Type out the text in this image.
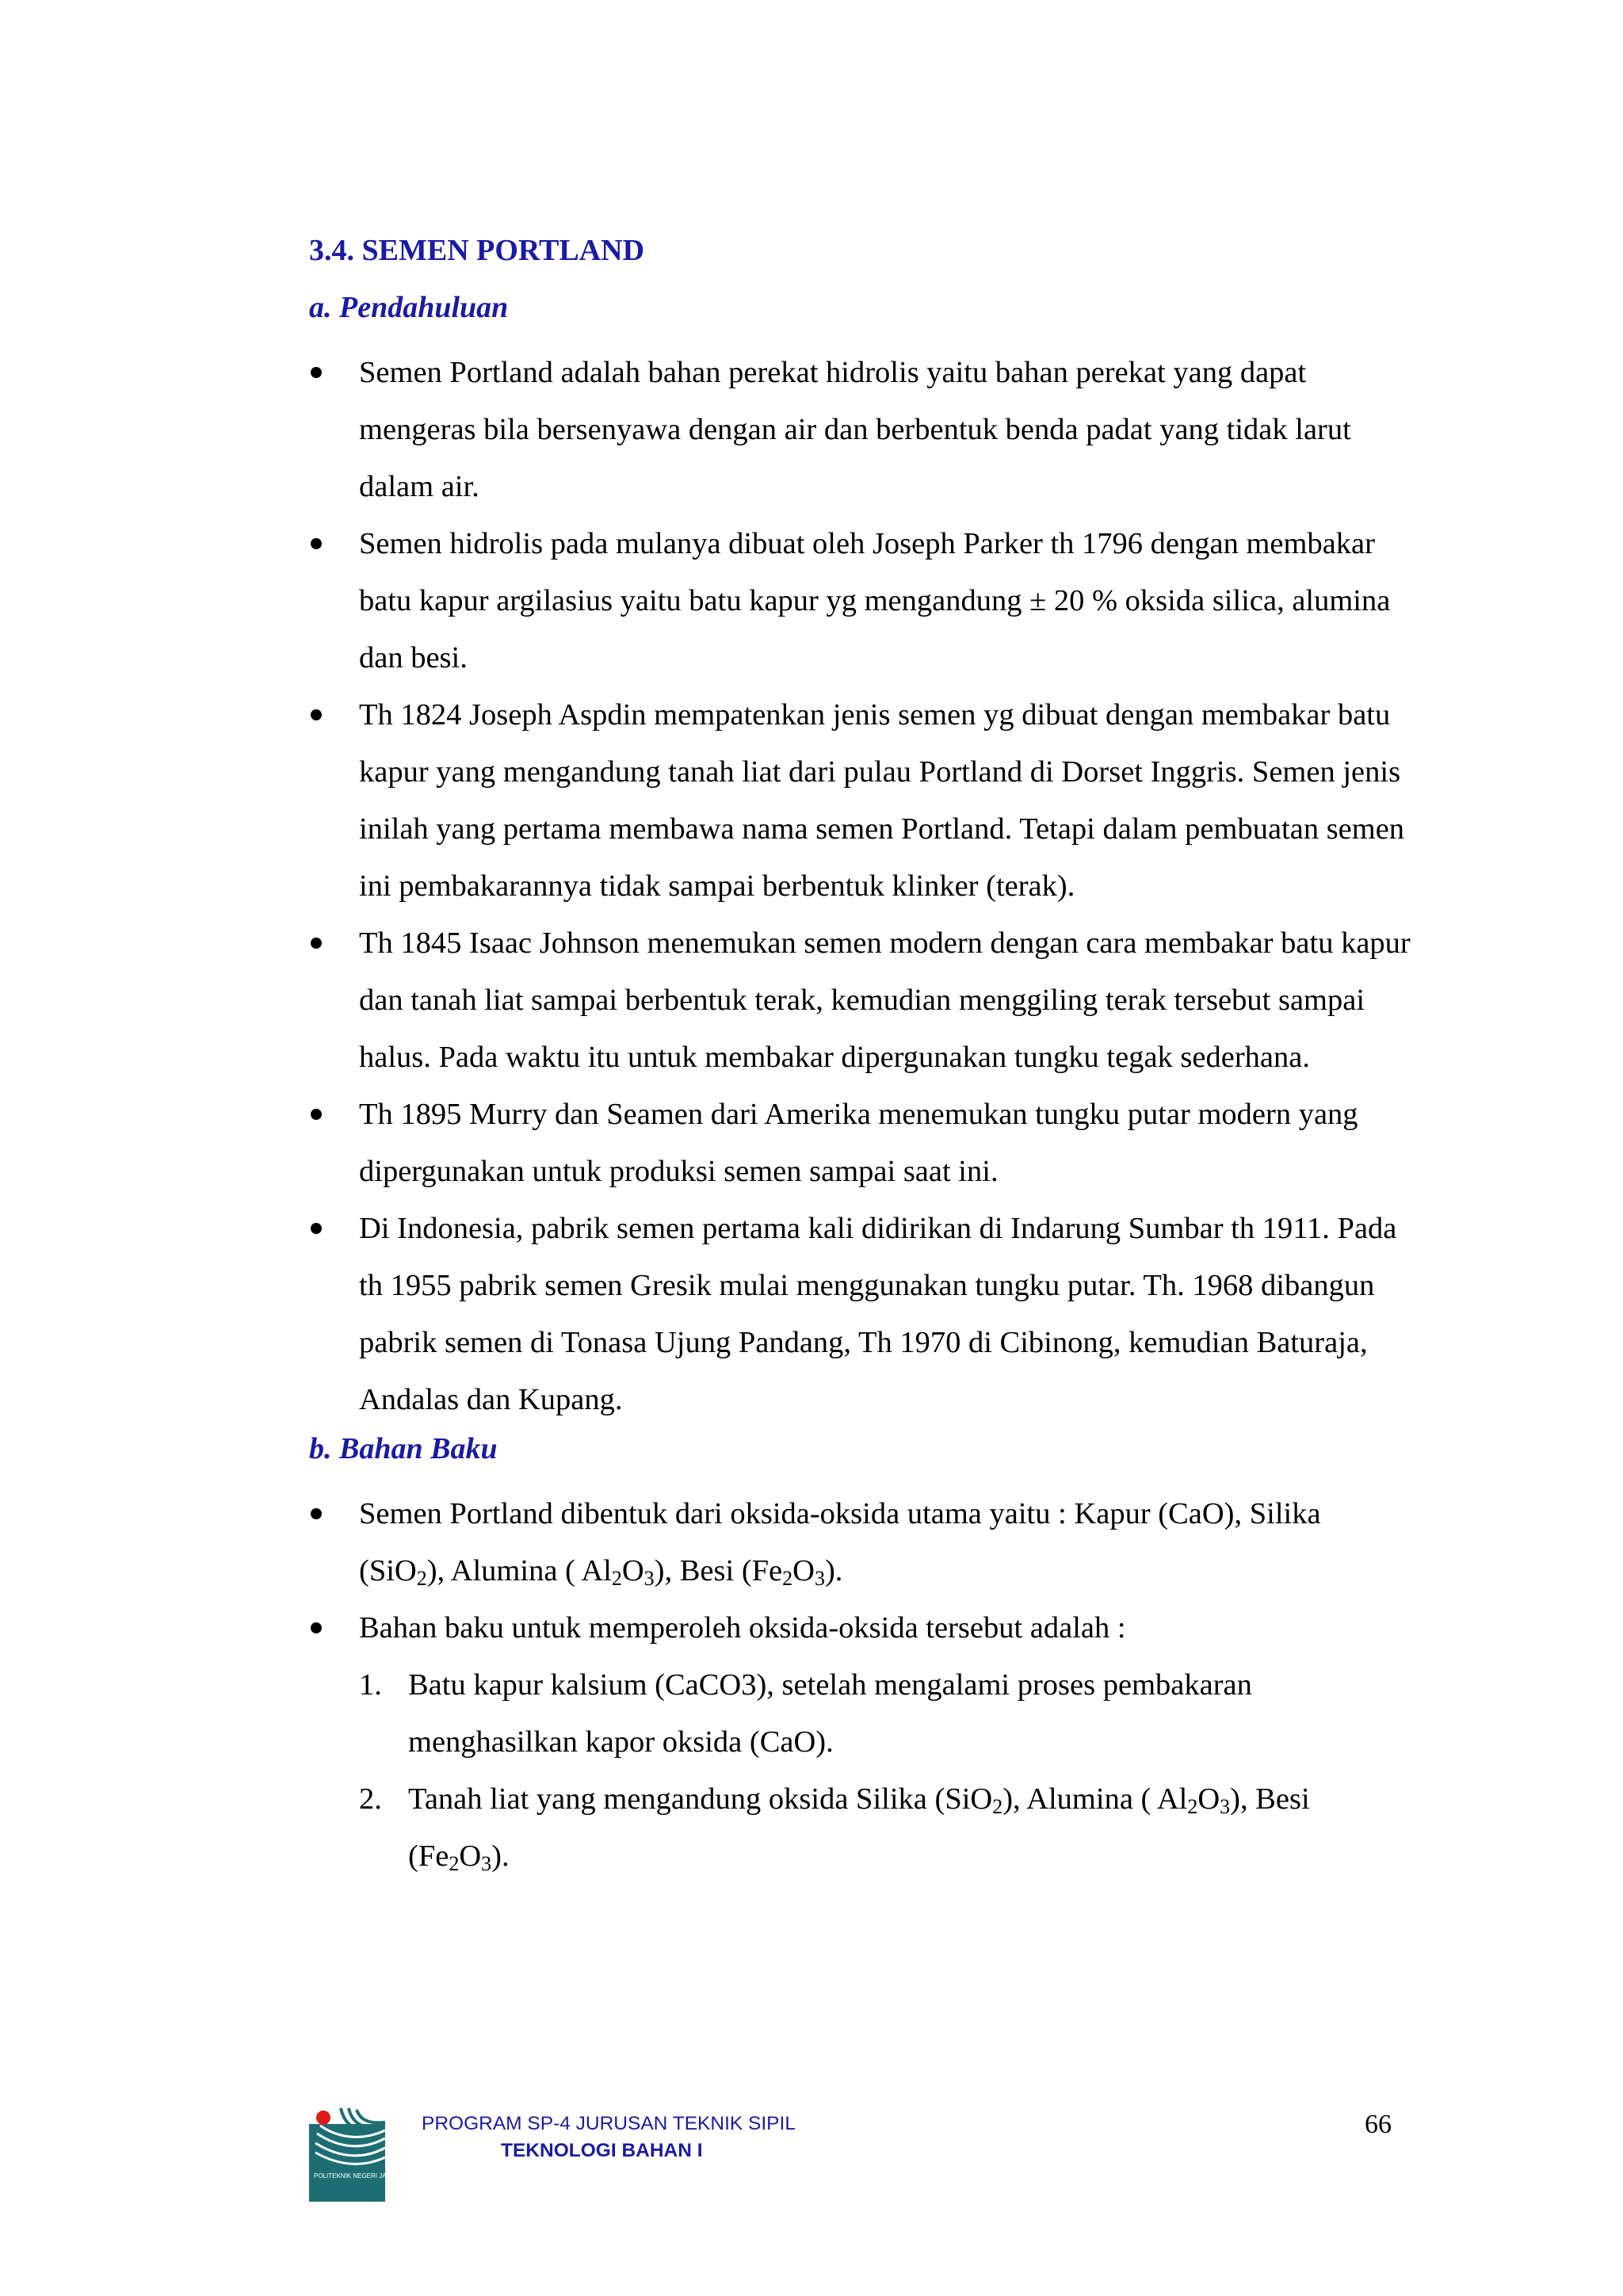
3.4. SEMEN PORTLAND
a. Pendahuluan
Semen Portland adalah bahan perekat hidrolis yaitu bahan perekat yang dapat mengeras bila bersenyawa dengan air dan berbentuk benda padat yang tidak larut dalam air.
Semen hidrolis pada mulanya dibuat oleh Joseph Parker th 1796 dengan membakar batu kapur argilasius yaitu batu kapur yg mengandung ± 20 % oksida silica, alumina dan besi.
Th 1824 Joseph Aspdin mempatenkan jenis semen yg dibuat dengan membakar batu kapur yang mengandung tanah liat dari pulau Portland di Dorset Inggris. Semen jenis inilah yang pertama membawa nama semen Portland. Tetapi dalam pembuatan semen ini pembakarannya tidak sampai berbentuk klinker (terak).
Th 1845 Isaac Johnson menemukan semen modern dengan cara membakar batu kapur dan tanah liat sampai berbentuk terak, kemudian menggiling terak tersebut sampai halus. Pada waktu itu untuk membakar dipergunakan tungku tegak sederhana.
Th 1895 Murry dan Seamen dari Amerika menemukan tungku putar modern yang dipergunakan untuk produksi semen sampai saat ini.
Di Indonesia, pabrik semen pertama kali didirikan di Indarung Sumbar th 1911. Pada th 1955 pabrik semen Gresik mulai menggunakan tungku putar. Th. 1968 dibangun pabrik semen di Tonasa Ujung Pandang, Th 1970 di Cibinong, kemudian Baturaja, Andalas dan Kupang.
b. Bahan Baku
Semen Portland dibentuk dari oksida-oksida utama yaitu : Kapur (CaO), Silika (SiO$_2$), Alumina ( $Al_2O_3$), Besi $(Fe_2O_3)$.
Bahan baku untuk memperoleh oksida-oksida tersebut adalah :
1. Batu kapur kalsium (CaCO3), setelah mengalami proses pembakaran menghasilkan kapor oksida (CaO).
2. Tanah liat yang mengandung oksida Silika (SiO$_2$), Alumina ( $Al_2O_3$), Besi $(Fe_2O_3)$.
POLITEKNIK NEGERI JAKARTA
PROGRAM SP-4 JURUSAN TEKNIK SIPIL
TEKNOLOGI BAHAN I
66
